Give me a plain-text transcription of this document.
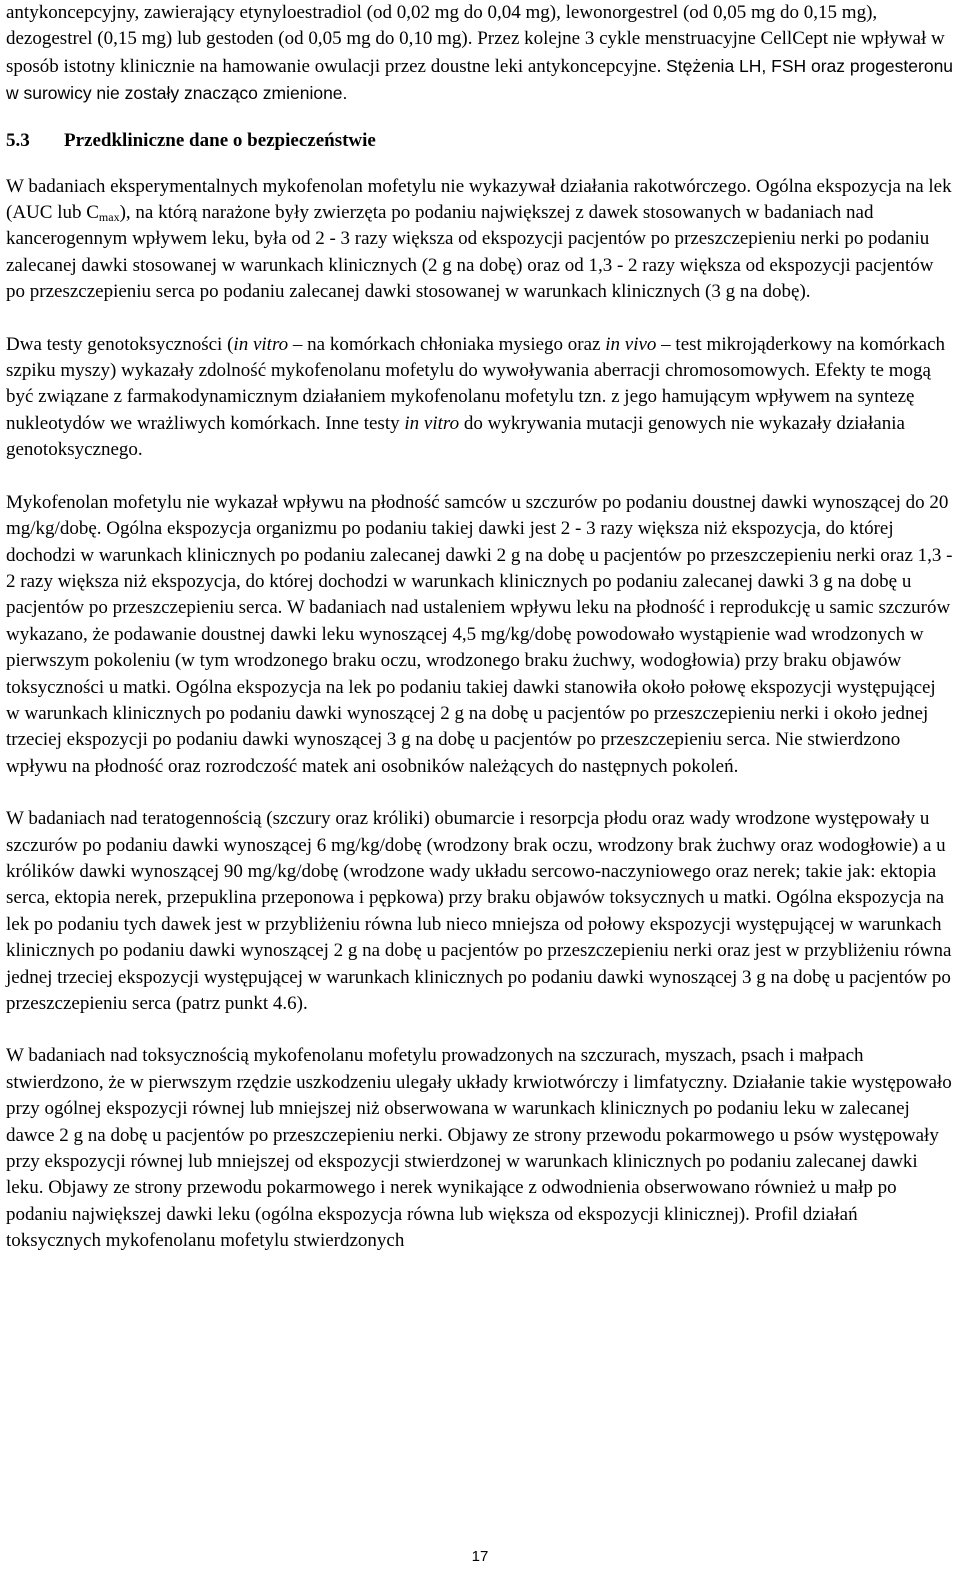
antykoncepcyjny, zawierający etynyloestradiol (od 0,02 mg do 0,04 mg), lewonorgestrel (od 0,05 mg do 0,15 mg), dezogestrel (0,15 mg) lub gestoden (od 0,05 mg do 0,10 mg). Przez kolejne 3 cykle menstruacyjne CellCept nie wpływał w sposób istotny klinicznie na hamowanie owulacji przez doustne leki antykoncepcyjne. Stężenia LH, FSH oraz progesteronu w surowicy nie zostały znacząco zmienione.

5.3	Przedkliniczne dane o bezpieczeństwie

W badaniach eksperymentalnych mykofenolan mofetylu nie wykazywał działania rakotwórczego. Ogólna ekspozycja na lek (AUC lub $C_{max}$), na którą narażone były zwierzęta po podaniu największej z dawek stosowanych w badaniach nad kancerogennym wpływem leku, była od 2 - 3 razy większa od ekspozycji pacjentów po przeszczepieniu nerki po podaniu zalecanej dawki stosowanej w warunkach klinicznych (2 g na dobę) oraz od 1,3 - 2 razy większa od ekspozycji pacjentów po przeszczepieniu serca po podaniu zalecanej dawki stosowanej w warunkach klinicznych (3 g na dobę).

Dwa testy genotoksyczności (in vitro – na komórkach chłoniaka mysiego oraz in vivo – test mikrojąderkowy na komórkach szpiku myszy) wykazały zdolność mykofenolanu mofetylu do wywoływania aberracji chromosomowych. Efekty te mogą być związane z farmakodynamicznym działaniem mykofenolanu mofetylu tzn. z jego hamującym wpływem na syntezę nukleotydów we wrażliwych komórkach. Inne testy in vitro do wykrywania mutacji genowych nie wykazały działania genotoksycznego.

Mykofenolan mofetylu nie wykazał wpływu na płodność samców u szczurów po podaniu doustnej dawki wynoszącej do 20 mg/kg/dobę. Ogólna ekspozycja organizmu po podaniu takiej dawki jest 2 - 3 razy większa niż ekspozycja, do której dochodzi w warunkach klinicznych po podaniu zalecanej dawki 2 g na dobę u pacjentów po przeszczepieniu nerki oraz 1,3 - 2 razy większa niż ekspozycja, do której dochodzi w warunkach klinicznych po podaniu zalecanej dawki 3 g na dobę u pacjentów po przeszczepieniu serca. W badaniach nad ustaleniem wpływu leku na płodność i reprodukcję u samic szczurów wykazano, że podawanie doustnej dawki leku wynoszącej 4,5 mg/kg/dobę powodowało wystąpienie wad wrodzonych w pierwszym pokoleniu (w tym wrodzonego braku oczu, wrodzonego braku żuchwy, wodogłowia) przy braku objawów toksyczności u matki. Ogólna ekspozycja na lek po podaniu takiej dawki stanowiła około połowę ekspozycji występującej w warunkach klinicznych po podaniu dawki wynoszącej 2 g na dobę u pacjentów po przeszczepieniu nerki i około jednej trzeciej ekspozycji po podaniu dawki wynoszącej 3 g na dobę u pacjentów po przeszczepieniu serca. Nie stwierdzono wpływu na płodność oraz rozrodczość matek ani osobników należących do następnych pokoleń.

W badaniach nad teratogennością (szczury oraz króliki) obumarcie i resorpcja płodu oraz wady wrodzone występowały u szczurów po podaniu dawki wynoszącej 6 mg/kg/dobę (wrodzony brak oczu, wrodzony brak żuchwy oraz wodogłowie) a u królików dawki wynoszącej 90 mg/kg/dobę (wrodzone wady układu sercowo-naczyniowego oraz nerek; takie jak: ektopia serca, ektopia nerek, przepuklina przeponowa i pępkowa) przy braku objawów toksycznych u matki. Ogólna ekspozycja na lek po podaniu tych dawek jest w przybliżeniu równa lub nieco mniejsza od połowy ekspozycji występującej w warunkach klinicznych po podaniu dawki wynoszącej 2 g na dobę u pacjentów po przeszczepieniu nerki oraz jest w przybliżeniu równa jednej trzeciej ekspozycji występującej w warunkach klinicznych po podaniu dawki wynoszącej 3 g na dobę u pacjentów po przeszczepieniu serca (patrz punkt 4.6).

W badaniach nad toksycznością mykofenolanu mofetylu prowadzonych na szczurach, myszach, psach i małpach stwierdzono, że w pierwszym rzędzie uszkodzeniu ulegały układy krwiotwórczy i limfatyczny. Działanie takie występowało przy ogólnej ekspozycji równej lub mniejszej niż obserwowana w warunkach klinicznych po podaniu leku w zalecanej dawce 2 g na dobę u pacjentów po przeszczepieniu nerki. Objawy ze strony przewodu pokarmowego u psów występowały przy ekspozycji równej lub mniejszej od ekspozycji stwierdzonej w warunkach klinicznych po podaniu zalecanej dawki leku. Objawy ze strony przewodu pokarmowego i nerek wynikające z odwodnienia obserwowano również u małp po podaniu największej dawki leku (ogólna ekspozycja równa lub większa od ekspozycji klinicznej). Profil działań toksycznych mykofenolanu mofetylu stwierdzonych

17
